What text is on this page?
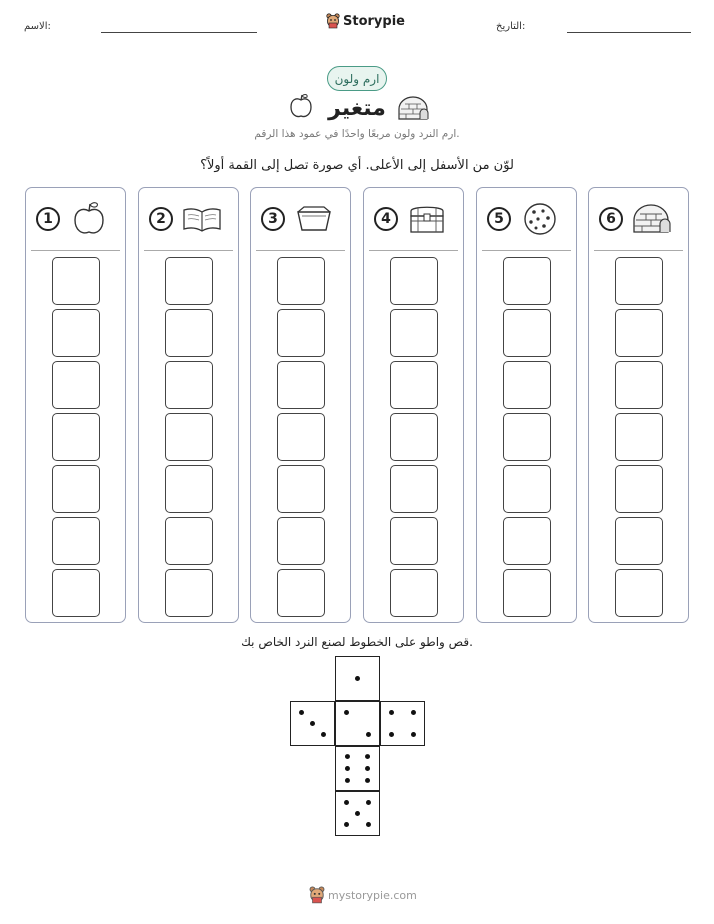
الاسم:	Storypie	التاريخ:
ارم ولون
متغير
ارم النرد ولون مربعًا واحدًا في عمود هذا الرقم.
لوّن من الأسفل إلى الأعلى. أي صورة تصل إلى القمة أولاً؟
1	2	3	4	5	6
قص واطو على الخطوط لصنع النرد الخاص بك.
mystorypie.com
